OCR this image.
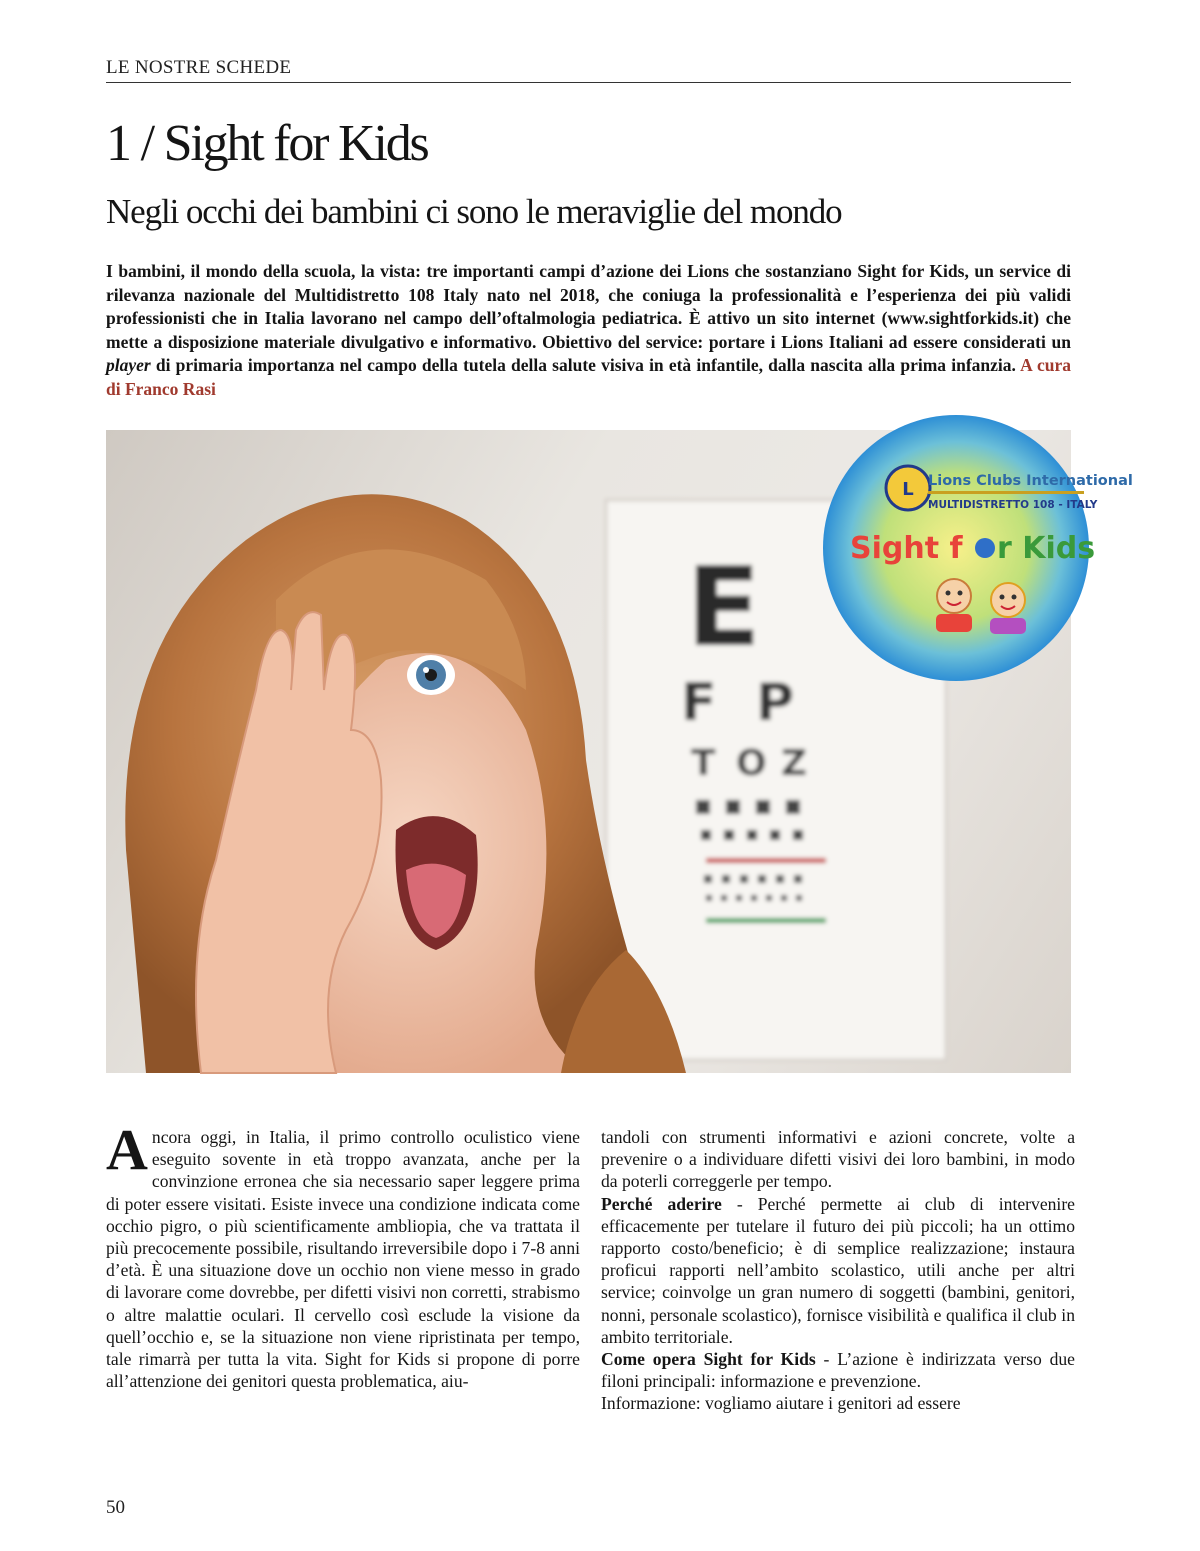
LE NOSTRE SCHEDE
1 / Sight for Kids
Negli occhi dei bambini ci sono le meraviglie del mondo
I bambini, il mondo della scuola, la vista: tre importanti campi d’azione dei Lions che sostanziano Sight for Kids, un service di rilevanza nazionale del Multidistretto 108 Italy nato nel 2018, che coniuga la professionalità e l’esperienza dei più validi professionisti che in Italia lavorano nel campo dell’oftalmologia pediatrica. È attivo un sito internet (www.sightforkids.it) che mette a disposizione materiale divulgativo e informativo. Obiettivo del service: portare i Lions Italiani ad essere considerati un player di primaria importanza nel campo della tutela della salute visiva in età infantile, dalla nascita alla prima infanzia. A cura di Franco Rasi
E
F P
T O Z
L Lions Clubs International
MULTIDISTRETTO 108 - ITALY
Sight f r Kids

Ancora oggi, in Italia, il primo controllo oculistico viene eseguito sovente in età troppo avanzata, anche per la convinzione erronea che sia necessario saper leggere prima di poter essere visitati. Esiste invece una condizione indicata come occhio pigro, o più scientificamente ambliopia, che va trattata il più precocemente possibile, risultando irreversibile dopo i 7-8 anni d’età. È una situazione dove un occhio non viene messo in grado di lavorare come dovrebbe, per difetti visivi non corretti, strabismo o altre malattie oculari. Il cervello così esclude la visione da quell’occhio e, se la situazione non viene ripristinata per tempo, tale rimarrà per tutta la vita. Sight for Kids si propone di porre all’attenzione dei genitori questa problematica, aiu-

tandoli con strumenti informativi e azioni concrete, volte a prevenire o a individuare difetti visivi dei loro bambini, in modo da poterli correggerle per tempo.

Perché aderire - Perché permette ai club di intervenire efficacemente per tutelare il futuro dei più piccoli; ha un ottimo rapporto costo/beneficio; è di semplice realizzazione; instaura proficui rapporti nell’ambito scolastico, utili anche per altri service; coinvolge un gran numero di soggetti (bambini, genitori, nonni, personale scolastico), fornisce visibilità e qualifica il club in ambito territoriale.

Come opera Sight for Kids - L’azione è indirizzata verso due filoni principali: informazione e prevenzione.

Informazione: vogliamo aiutare i genitori ad essere

50
